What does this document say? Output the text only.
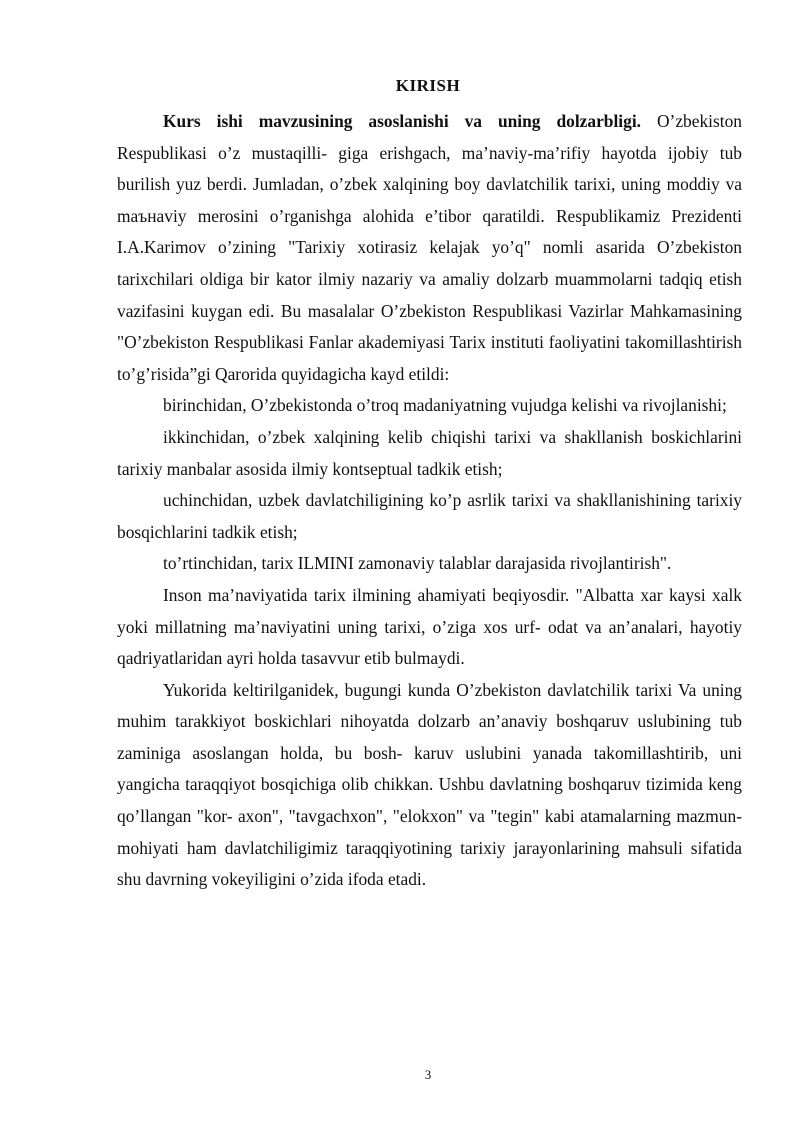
KIRISH

Kurs ishi mavzusining asoslanishi va uning dolzarbligi. O’zbekiston Respublikasi o’z mustaqilli- giga erishgach, ma’naviy-ma’rifiy hayotda ijobiy tub burilish yuz berdi. Jumladan, o’zbek xalqining boy davlatchilik tarixi, uning moddiy va maънaviy merosini o’rganishga alohida e’tibor qaratildi. Respublikamiz Prezidenti I.A.Karimov o’zining "Tarixiy xotirasiz kelajak yo’q" nomli asarida O’zbekiston tarixchilari oldiga bir kator ilmiy nazariy va amaliy dolzarb muammolarni tadqiq etish vazifasini kuygan edi. Bu masalalar O’zbekiston Respublikasi Vazirlar Mahkamasining "O’zbekiston Respublikasi Fanlar akademiyasi Tarix instituti faoliyatini takomillashtirish to’g’risida”gi Qarorida quyidagicha kayd etildi:

birinchidan, O’zbekistonda o’troq madaniyatning vujudga kelishi va rivojlanishi;

ikkinchidan, o’zbek xalqining kelib chiqishi tarixi va shakllanish boskichlarini tarixiy manbalar asosida ilmiy kontseptual tadkik etish;

uchinchidan, uzbek davlatchiligining ko’p asrlik tarixi va shakllanishining tarixiy bosqichlarini tadkik etish;

to’rtinchidan, tarix ILMINI zamonaviy talablar darajasida rivojlantirish".

Inson ma’naviyatida tarix ilmining ahamiyati beqiyosdir. "Albatta xar kaysi xalk yoki millatning ma’naviyatini uning tarixi, o’ziga xos urf- odat va an’analari, hayotiy qadriyatlaridan ayri holda tasavvur etib bulmaydi.

Yukorida keltirilganidek, bugungi kunda O’zbekiston davlatchilik tarixi Va uning muhim tarakkiyot boskichlari nihoyatda dolzarb an’anaviy boshqaruv uslubining tub zaminiga asoslangan holda, bu bosh- karuv uslubini yanada takomillashtirib, uni yangicha taraqqiyot bosqichiga olib chikkan. Ushbu davlatning boshqaruv tizimida keng qo’llangan "kor- axon", "tavgachxon", "elokxon" va "tegin" kabi atamalarning mazmun- mohiyati ham davlatchiligimiz taraqqiyotining tarixiy jarayonlarining mahsuli sifatida shu davrning vokeyiligini o’zida ifoda etadi.

3
